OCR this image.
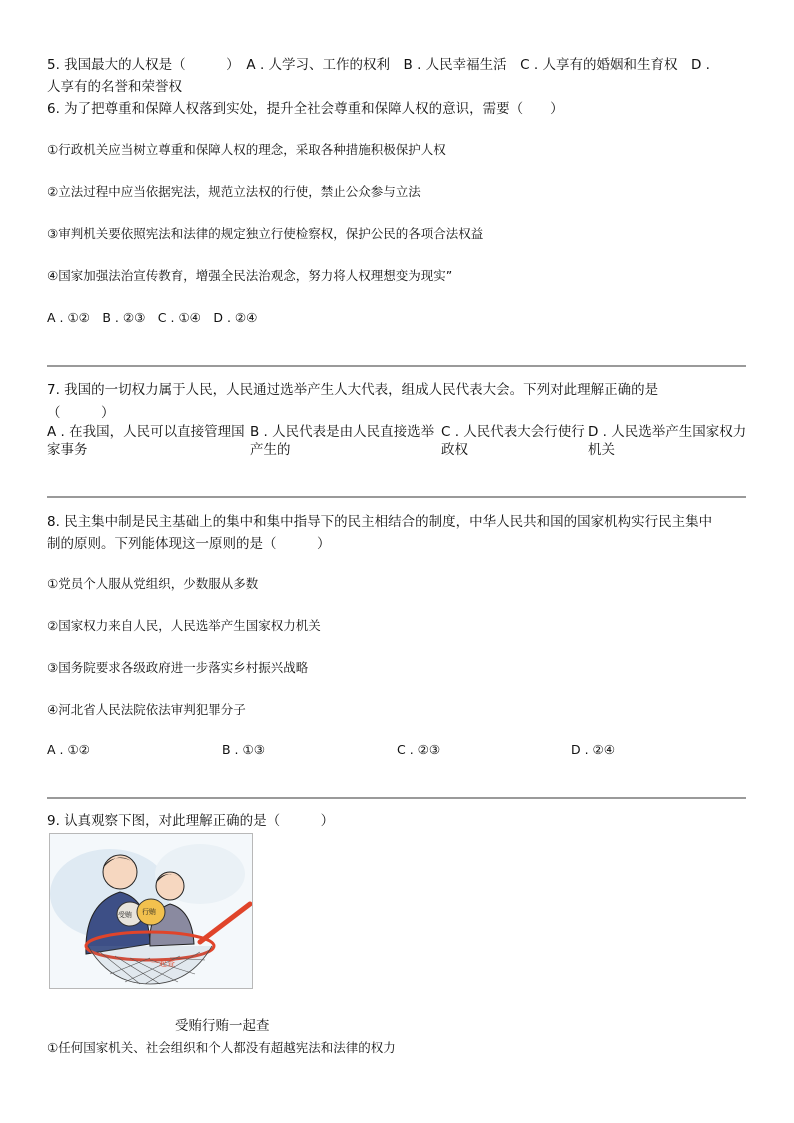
5. 我国最大的人权是（　　　）　A . 人学习、工作的权利　B . 人民幸福生活　C . 人享有的婚姻和生育权　D .
人享有的名誉和荣誉权
6. 为了把尊重和保障人权落到实处，提升全社会尊重和保障人权的意识，需要（　　）
①行政机关应当树立尊重和保障人权的理念，采取各种措施积极保护人权
②立法过程中应当依据宪法，规范立法权的行使，禁止公众参与立法
③审判机关要依照宪法和法律的规定独立行使检察权，保护公民的各项合法权益
④国家加强法治宣传教育，增强全民法治观念，努力将人权理想变为现实”
A . ①②　B . ②③　C . ①④　D . ②④
7. 我国的一切权力属于人民，人民通过选举产生人大代表，组成人民代表大会。下列对此理解正确的是
（　　　）
A . 在我国，人民可以直接管理国家事务
B . 人民代表是由人民直接选举产生的
C . 人民代表大会行使行政权
D . 人民选举产生国家权力机关
8. 民主集中制是民主基础上的集中和集中指导下的民主相结合的制度，中华人民共和国的国家机构实行民主集中
制的原则。下列能体现这一原则的是（　　　）
①党员个人服从党组织，少数服从多数
②国家权力来自人民，人民选举产生国家权力机关
③国务院要求各级政府进一步落实乡村振兴战略
④河北省人民法院依法审判犯罪分子
A . ①②	B . ①③	C . ②③	D . ②④
9. 认真观察下图，对此理解正确的是（　　　）
受贿 行贿
一起查
受贿行贿一起查
①任何国家机关、社会组织和个人都没有超越宪法和法律的权力
